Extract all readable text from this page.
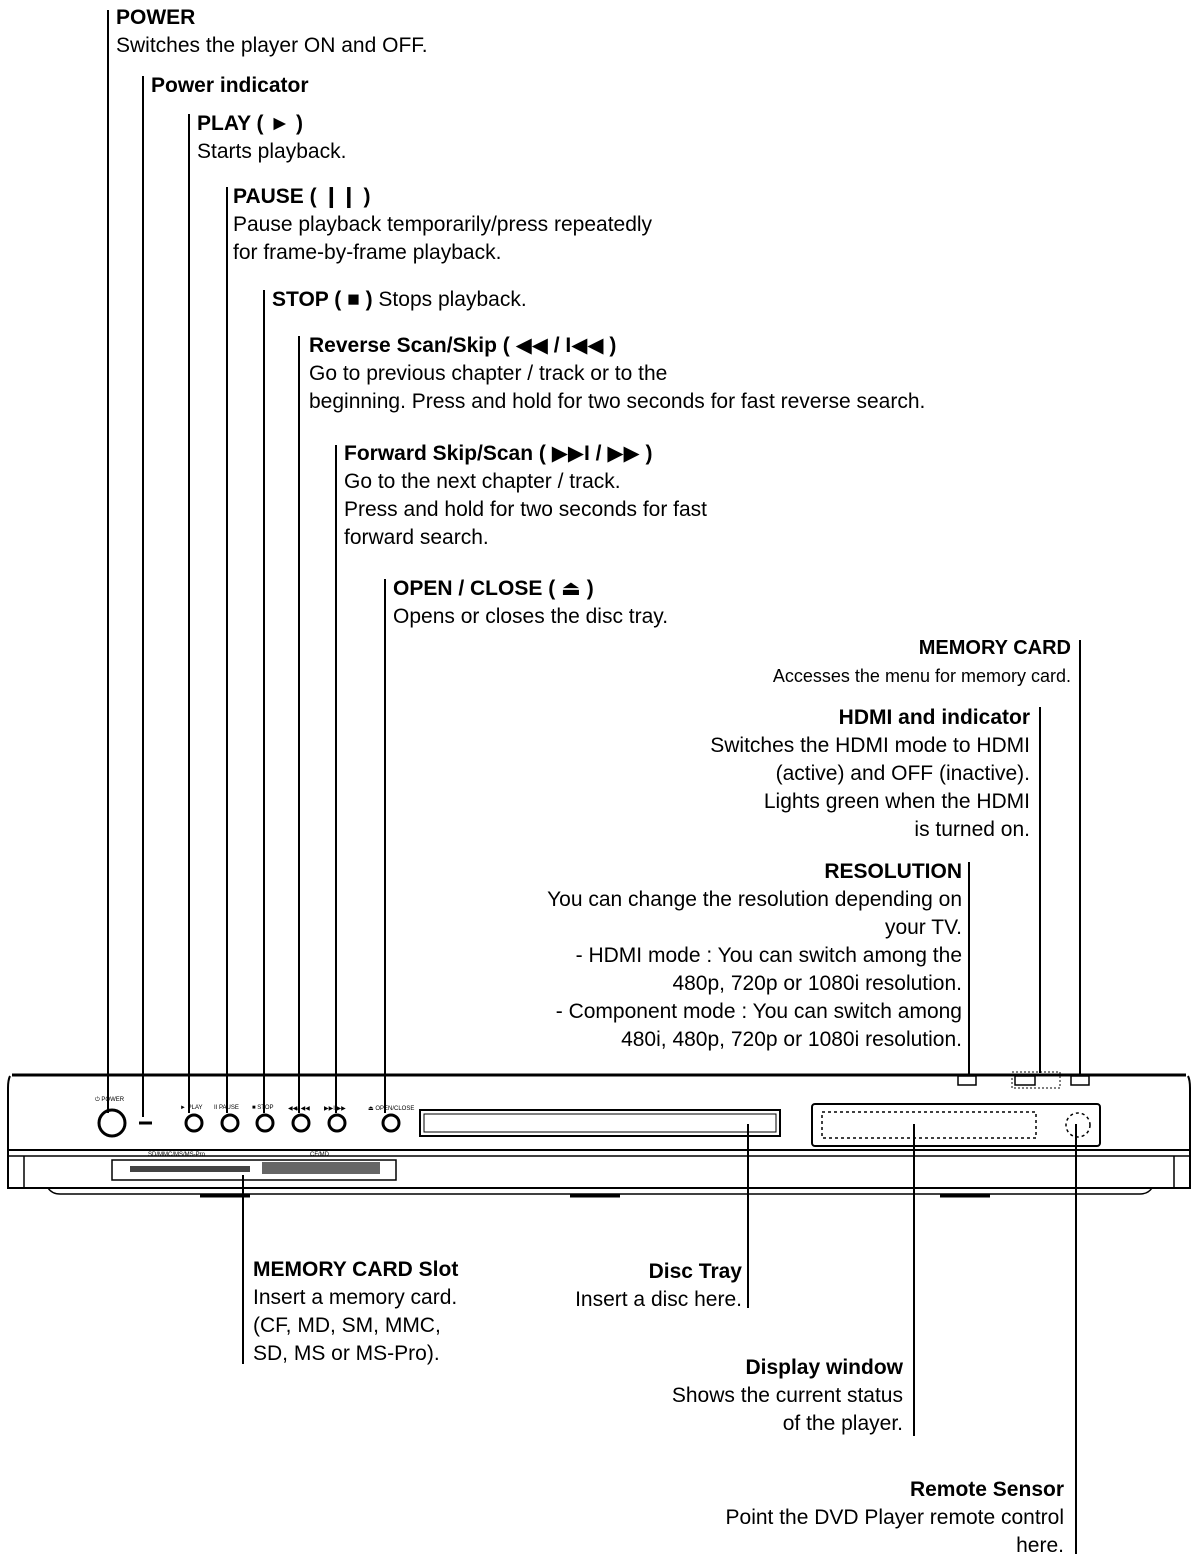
⏻ POWER
► PLAY II PAUSE ■ STOP ◀◀/I◀◀ ▶▶I/▶▶	⏏ OPEN/CLOSE
SD/MMC/MS/MS-Pro	CF/MD
POWER
Switches the player ON and OFF.
Power indicator
PLAY ( ► )
Starts playback.
PAUSE ( ❙❙ )
Pause playback temporarily/press repeatedly
for frame-by-frame playback.
STOP ( ■ ) Stops playback.
Reverse Scan/Skip ( ◀◀ / I◀◀ )
Go to previous chapter / track or to the
beginning. Press and hold for two seconds for fast reverse search.
Forward Skip/Scan ( ▶▶I / ▶▶ )
Go to the next chapter / track.
Press and hold for two seconds for fast
forward search.
OPEN / CLOSE ( ⏏ )
Opens or closes the disc tray.
MEMORY CARD
Accesses the menu for memory card.
HDMI and indicator
Switches the HDMI mode to HDMI
(active) and OFF (inactive).
Lights green when the HDMI
is turned on.
RESOLUTION
You can change the resolution depending on
your TV.
- HDMI mode : You can switch among the
480p, 720p or 1080i resolution.
- Component mode : You can switch among
480i, 480p, 720p or 1080i resolution.
MEMORY CARD Slot
Insert a memory card.
(CF, MD, SM, MMC,
SD, MS or MS-Pro).
Disc Tray
Insert a disc here.
Display window
Shows the current status
of the player.
Remote Sensor
Point the DVD Player remote control
here.
